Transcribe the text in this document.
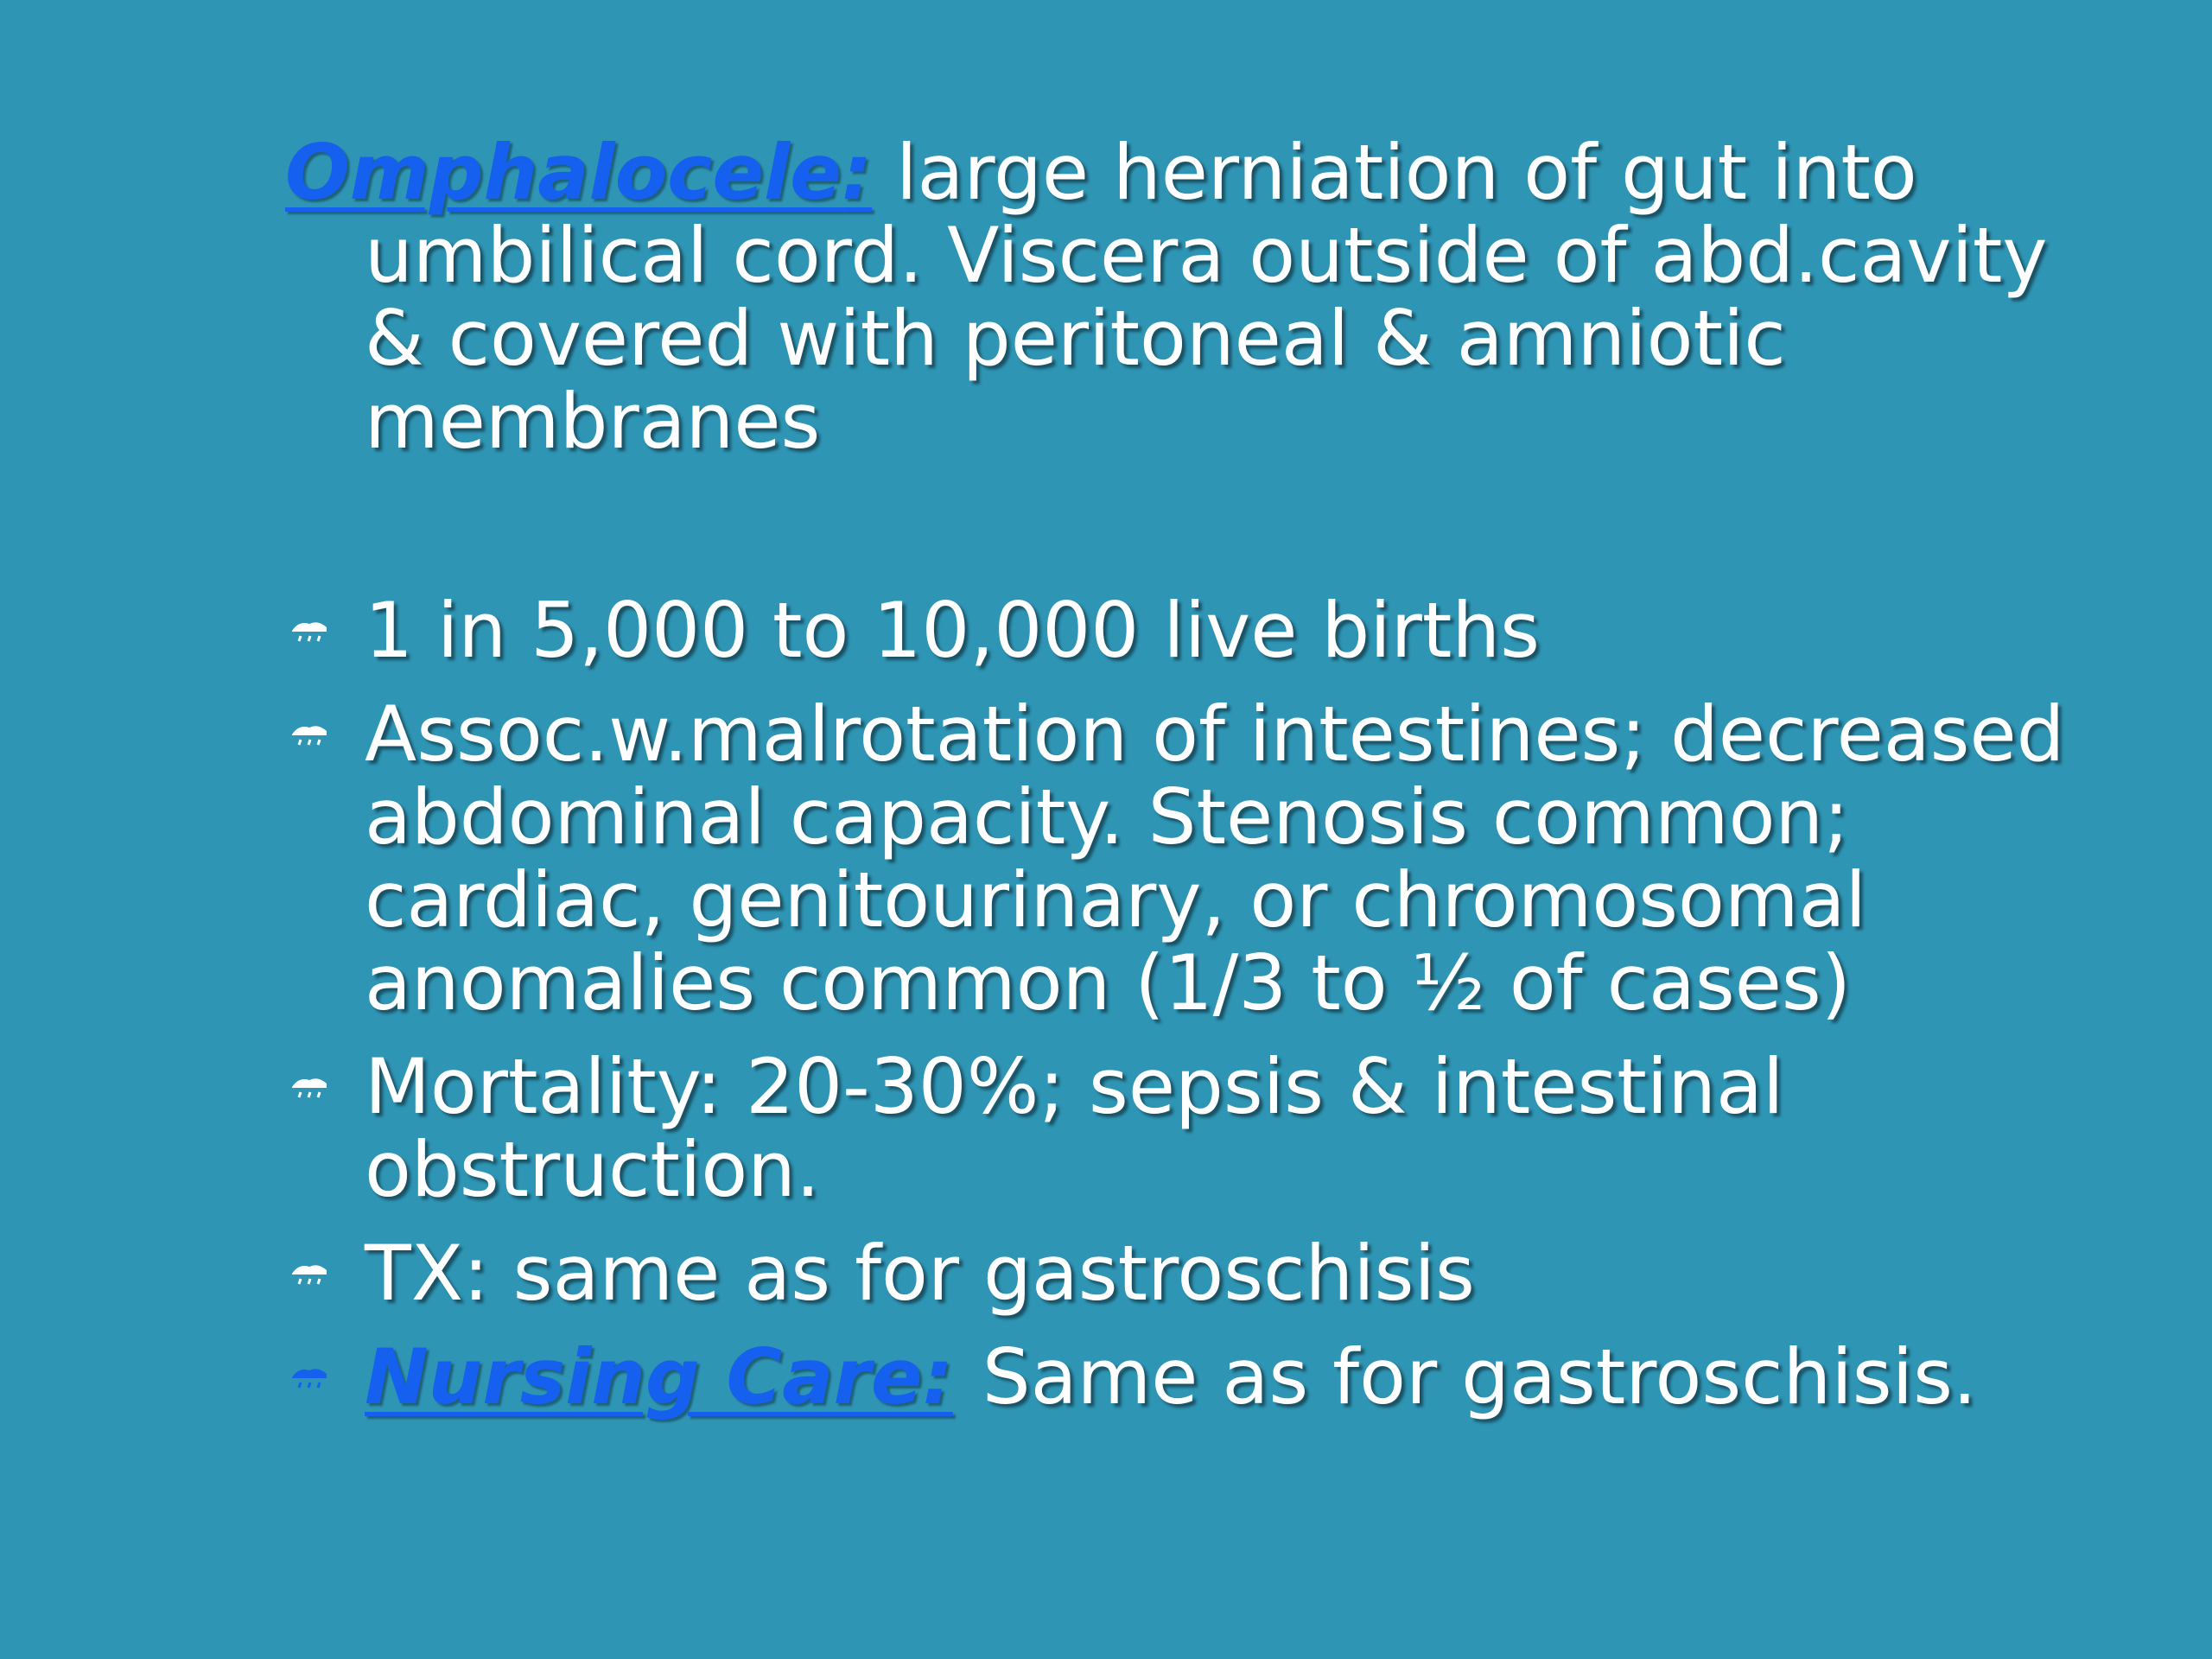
Omphalocele: large herniation of gut into umbilical cord. Viscera outside of abd.cavity & covered with peritoneal & amniotic membranes

1 in 5,000 to 10,000 live births
Assoc.w.malrotation of intestines; decreased abdominal capacity. Stenosis common; cardiac, genitourinary, or chromosomal anomalies common (1/3 to ½ of cases)
Mortality: 20-30%; sepsis & intestinal obstruction.
TX: same as for gastroschisis
Nursing Care: Same as for gastroschisis.
